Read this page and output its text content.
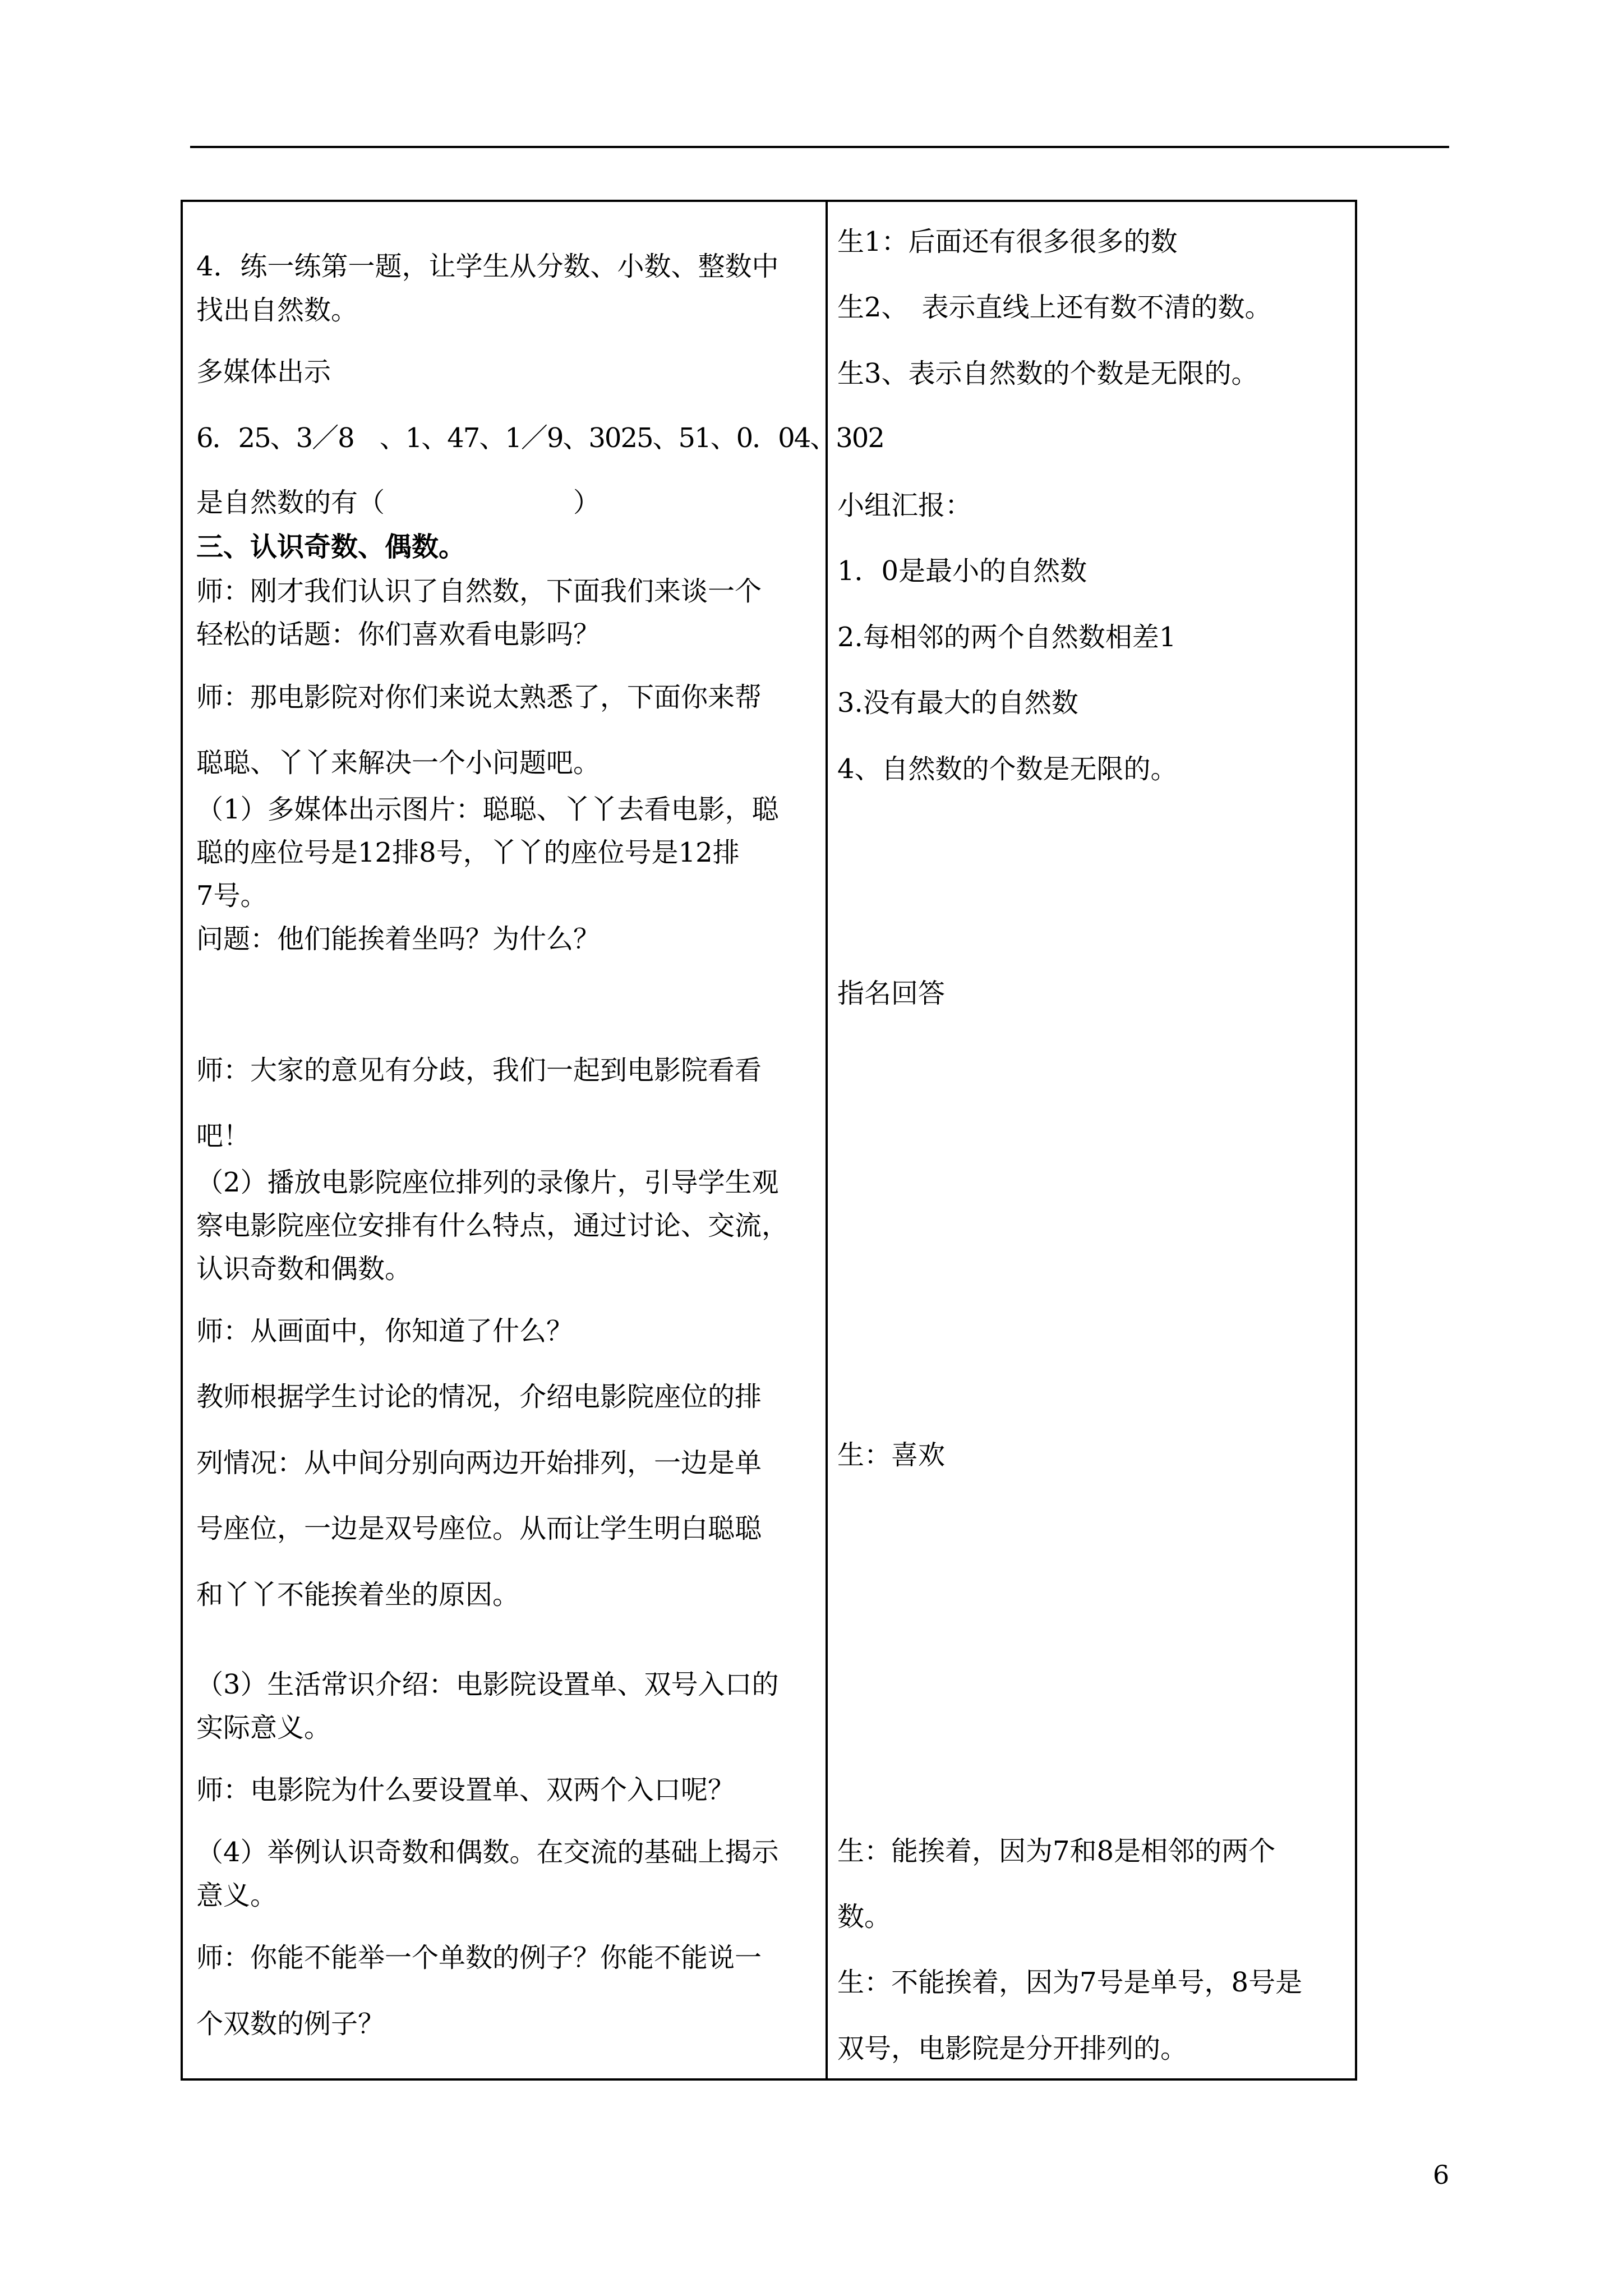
4．练一练第一题，让学生从分数、小数、整数中
找出自然数。
多媒体出示
6．25、3／8　、1、47、1／9、3025、51、0．04、302
是自然数的有（　　　　　　　）
三、认识奇数、偶数。
师：刚才我们认识了自然数，下面我们来谈一个
轻松的话题：你们喜欢看电影吗？
师：那电影院对你们来说太熟悉了，下面你来帮
聪聪、丫丫来解决一个小问题吧。
（1）多媒体出示图片：聪聪、丫丫去看电影，聪
聪的座位号是12排8号，丫丫的座位号是12排
7号。
问题：他们能挨着坐吗？为什么？
师：大家的意见有分歧，我们一起到电影院看看
吧！
（2）播放电影院座位排列的录像片，引导学生观
察电影院座位安排有什么特点，通过讨论、交流，
认识奇数和偶数。
师：从画面中，你知道了什么？
教师根据学生讨论的情况，介绍电影院座位的排
列情况：从中间分别向两边开始排列，一边是单
号座位，一边是双号座位。从而让学生明白聪聪
和丫丫不能挨着坐的原因。
（3）生活常识介绍：电影院设置单、双号入口的
实际意义。
师：电影院为什么要设置单、双两个入口呢？
（4）举例认识奇数和偶数。在交流的基础上揭示
意义。
师：你能不能举一个单数的例子？你能不能说一
个双数的例子？
生1：后面还有很多很多的数
生2、　表示直线上还有数不清的数。
生3、表示自然数的个数是无限的。
小组汇报：
1．0是最小的自然数
2.每相邻的两个自然数相差1
3.没有最大的自然数
4、自然数的个数是无限的。
指名回答
生：喜欢
生：能挨着，因为7和8是相邻的两个
数。
生：不能挨着，因为7号是单号，8号是
双号，电影院是分开排列的。
6
